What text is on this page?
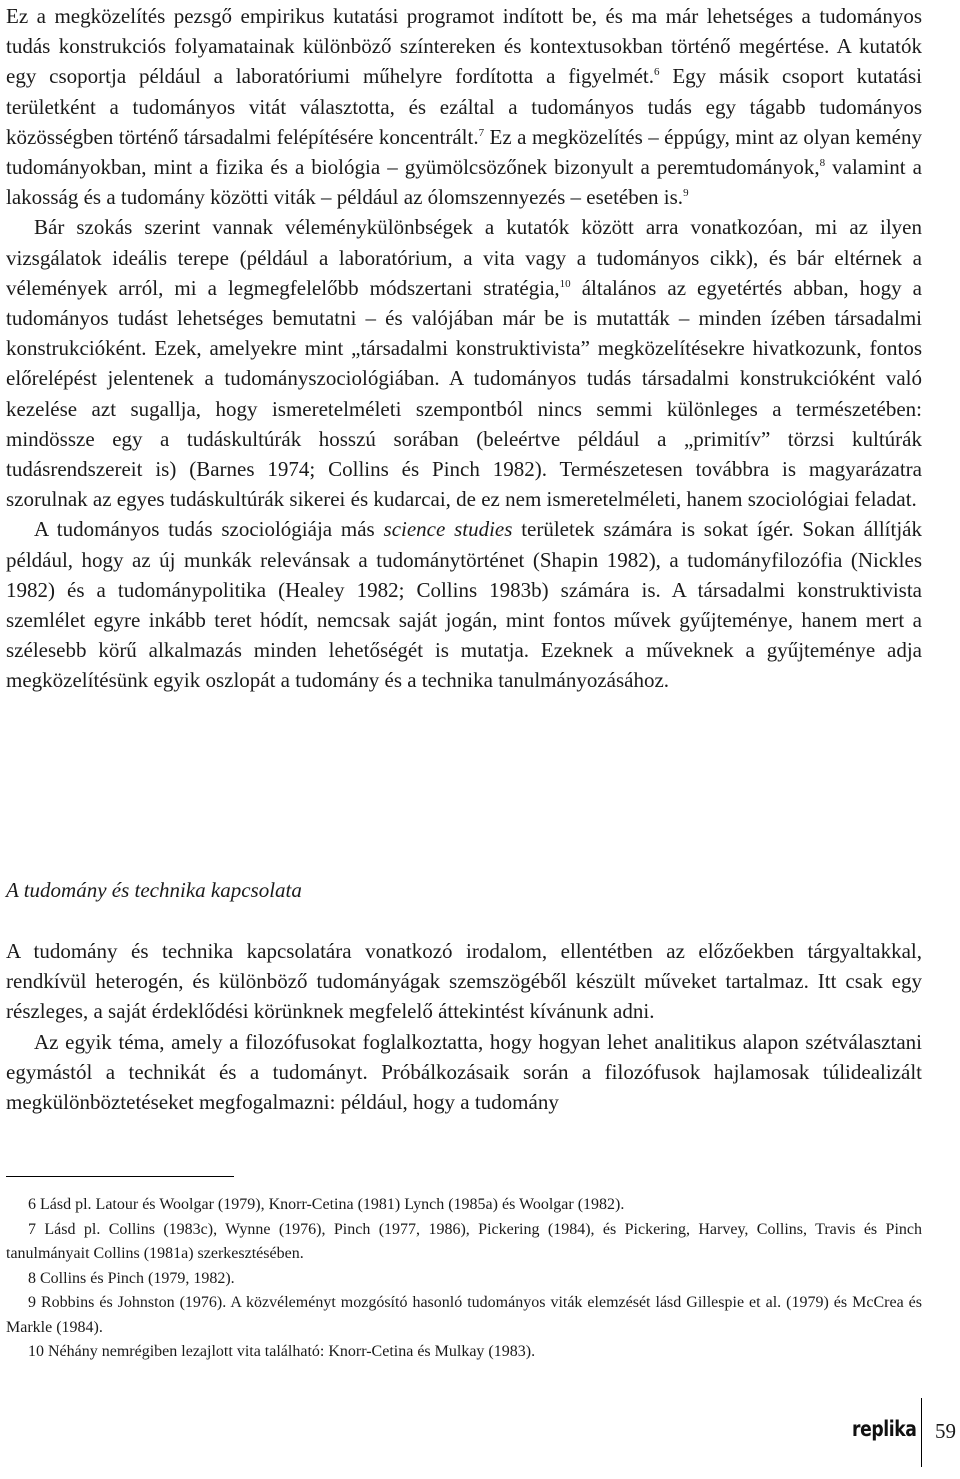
Ez a megközelítés pezsgő empirikus kutatási programot indított be, és ma már lehetséges a tudományos tudás konstrukciós folyamatainak különböző színtereken és kontextusokban történő megértése. A kutatók egy csoportja például a laboratóriumi műhelyre fordította a figyelmét.$^6$ Egy másik csoport kutatási területként a tudományos vitát választotta, és ezáltal a tudományos tudás egy tágabb tudományos közösségben történő társadalmi felépítésére koncentrált.$^7$ Ez a megközelítés – éppúgy, mint az olyan kemény tudományokban, mint a fizika és a biológia – gyümölcsözőnek bizonyult a peremtudományok,$^8$ valamint a lakosság és a tudomány közötti viták – például az ólomszennyezés – esetében is.$^9$

Bár szokás szerint vannak véleménykülönbségek a kutatók között arra vonatkozóan, mi az ilyen vizsgálatok ideális terepe (például a laboratórium, a vita vagy a tudományos cikk), és bár eltérnek a vélemények arról, mi a legmegfelelőbb módszertani stratégia,$^{10}$ általános az egyetértés abban, hogy a tudományos tudást lehetséges bemutatni – és valójában már be is mutatták – minden ízében társadalmi konstrukcióként. Ezek, amelyekre mint „társadalmi konstruktivista” megközelítésekre hivatkozunk, fontos előrelépést jelentenek a tudományszociológiában. A tudományos tudás társadalmi konstrukcióként való kezelése azt sugallja, hogy ismeretelméleti szempontból nincs semmi különleges a természetében: mindössze egy a tudáskultúrák hosszú sorában (beleértve például a „primitív” törzsi kultúrák tudásrendszereit is) (Barnes 1974; Collins és Pinch 1982). Természetesen továbbra is magyarázatra szorulnak az egyes tudáskultúrák sikerei és kudarcai, de ez nem ismeretelméleti, hanem szociológiai feladat.

A tudományos tudás szociológiája más science studies területek számára is sokat ígér. Sokan állítják például, hogy az új munkák relevánsak a tudománytörténet (Shapin 1982), a tudományfilozófia (Nickles 1982) és a tudománypolitika (Healey 1982; Collins 1983b) számára is. A társadalmi konstruktivista szemlélet egyre inkább teret hódít, nemcsak saját jogán, mint fontos művek gyűjteménye, hanem mert a szélesebb körű alkalmazás minden lehetőségét is mutatja. Ezeknek a műveknek a gyűjteménye adja megközelítésünk egyik oszlopát a tudomány és a technika tanulmányozásához.

A tudomány és technika kapcsolata

A tudomány és technika kapcsolatára vonatkozó irodalom, ellentétben az előzőekben tárgyaltakkal, rendkívül heterogén, és különböző tudományágak szemszögéből készült műveket tartalmaz. Itt csak egy részleges, a saját érdeklődési körünknek megfelelő áttekintést kívánunk adni.

Az egyik téma, amely a filozófusokat foglalkoztatta, hogy hogyan lehet analitikus alapon szétválasztani egymástól a technikát és a tudományt. Próbálkozásaik során a filozófusok hajlamosak túlidealizált megkülönböztetéseket megfogalmazni: például, hogy a tudomány

6 Lásd pl. Latour és Woolgar (1979), Knorr-Cetina (1981) Lynch (1985a) és Woolgar (1982).

7 Lásd pl. Collins (1983c), Wynne (1976), Pinch (1977, 1986), Pickering (1984), és Pickering, Harvey, Collins, Travis és Pinch tanulmányait Collins (1981a) szerkesztésében.

8 Collins és Pinch (1979, 1982).

9 Robbins és Johnston (1976). A közvéleményt mozgósító hasonló tudományos viták elemzését lásd Gillespie et al. (1979) és McCrea és Markle (1984).

10 Néhány nemrégiben lezajlott vita található: Knorr-Cetina és Mulkay (1983).

replika 59
